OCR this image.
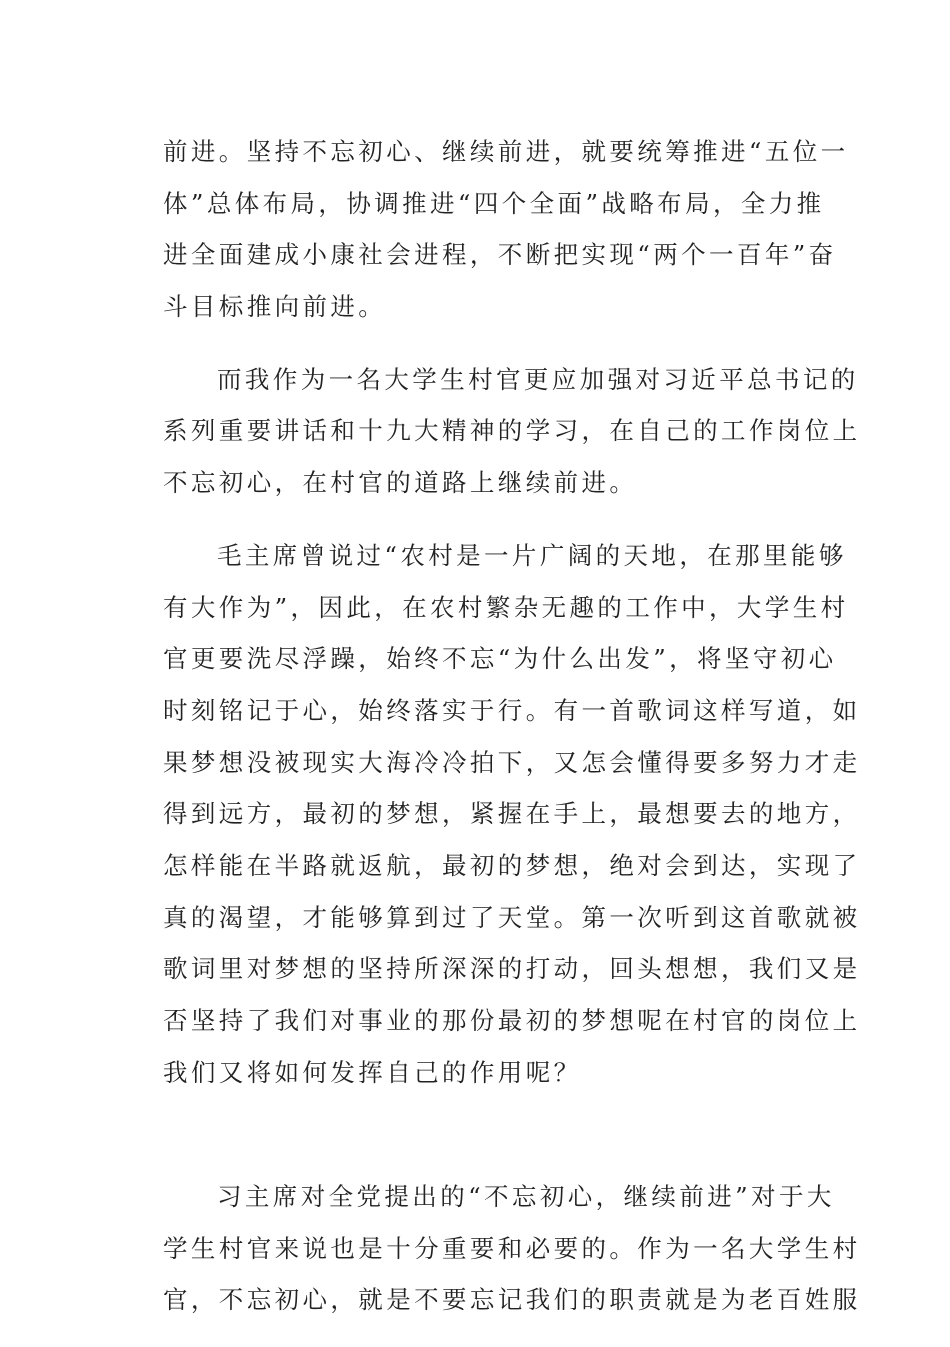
前进。坚持不忘初心、继续前进，就要统筹推进“五位一
体”总体布局，协调推进“四个全面”战略布局，全力推
进全面建成小康社会进程，不断把实现“两个一百年”奋
斗目标推向前进。

而我作为一名大学生村官更应加强对习近平总书记的
系列重要讲话和十九大精神的学习，在自己的工作岗位上
不忘初心，在村官的道路上继续前进。

毛主席曾说过“农村是一片广阔的天地，在那里能够
有大作为”，因此，在农村繁杂无趣的工作中，大学生村
官更要洗尽浮躁，始终不忘“为什么出发”，将坚守初心
时刻铭记于心，始终落实于行。有一首歌词这样写道，如
果梦想没被现实大海冷冷拍下，又怎会懂得要多努力才走
得到远方，最初的梦想，紧握在手上，最想要去的地方，
怎样能在半路就返航，最初的梦想，绝对会到达，实现了
真的渴望，才能够算到过了天堂。第一次听到这首歌就被
歌词里对梦想的坚持所深深的打动，回头想想，我们又是
否坚持了我们对事业的那份最初的梦想呢在村官的岗位上
我们又将如何发挥自己的作用呢？

习主席对全党提出的“不忘初心，继续前进”对于大
学生村官来说也是十分重要和必要的。作为一名大学生村
官，不忘初心，就是不要忘记我们的职责就是为老百姓服
